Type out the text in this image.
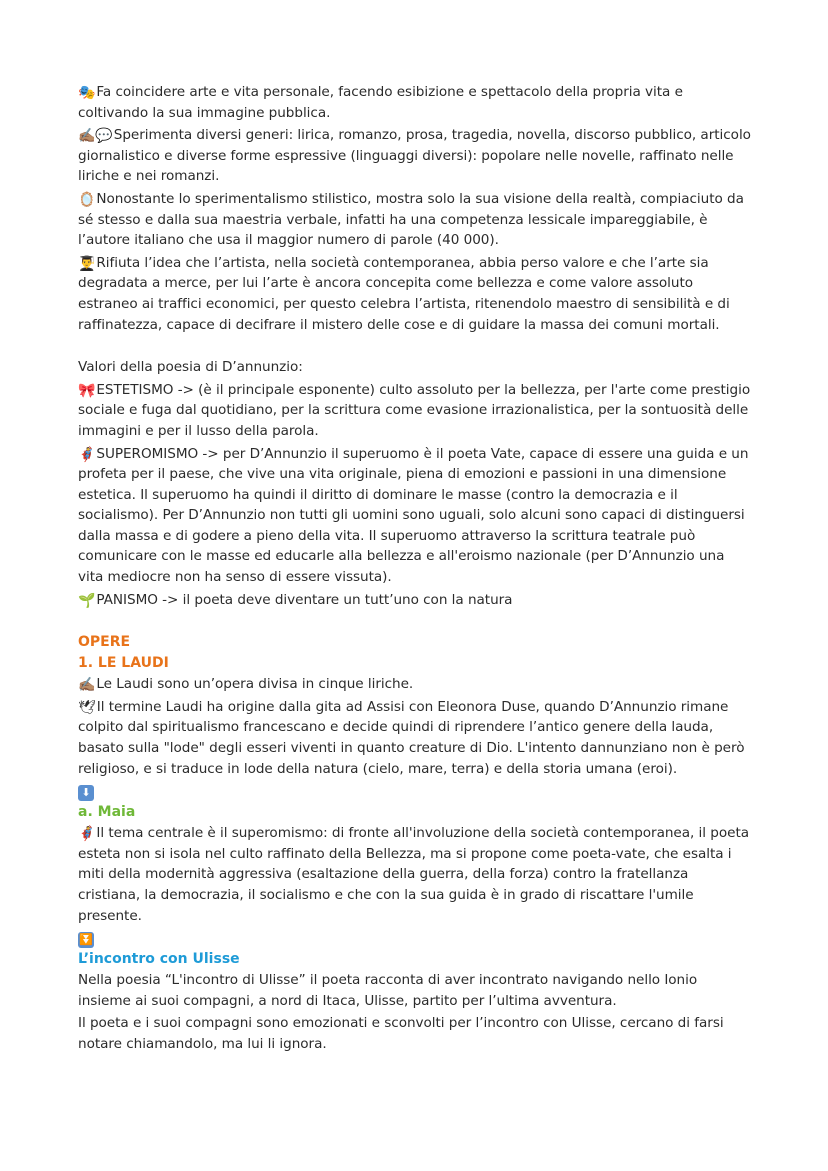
🎭Fa coincidere arte e vita personale, facendo esibizione e spettacolo della propria vita e coltivando la sua immagine pubblica.

✍🏽💬Sperimenta diversi generi: lirica, romanzo, prosa, tragedia, novella, discorso pubblico, articolo giornalistico e diverse forme espressive (linguaggi diversi): popolare nelle novelle, raffinato nelle liriche e nei romanzi.

🪞Nonostante lo sperimentalismo stilistico, mostra solo la sua visione della realtà, compiaciuto da sé stesso e dalla sua maestria verbale, infatti ha una competenza lessicale impareggiabile, è l’autore italiano che usa il maggior numero di parole (40 000).

👨‍🎓Rifiuta l’idea che l’artista, nella società contemporanea, abbia perso valore e che l’arte sia degradata a merce, per lui l’arte è ancora concepita come bellezza e come valore assoluto estraneo ai traffici economici, per questo celebra l’artista, ritenendolo maestro di sensibilità e di raffinatezza, capace di decifrare il mistero delle cose e di guidare la massa dei comuni mortali.

Valori della poesia di D’annunzio:

🎀ESTETISMO -> (è il principale esponente) culto assoluto per la bellezza, per l'arte come prestigio sociale e fuga dal quotidiano, per la scrittura come evasione irrazionalistica, per la sontuosità delle immagini e per il lusso della parola.

🦸SUPEROMISMO -> per D’Annunzio il superuomo è il poeta Vate, capace di essere una guida e un profeta per il paese, che vive una vita originale, piena di emozioni e passioni in una dimensione estetica. Il superuomo ha quindi il diritto di dominare le masse (contro la democrazia e il socialismo). Per D’Annunzio non tutti gli uomini sono uguali, solo alcuni sono capaci di distinguersi dalla massa e di godere a pieno della vita. Il superuomo attraverso la scrittura teatrale può comunicare con le masse ed educarle alla bellezza e all'eroismo nazionale (per D’Annunzio una vita mediocre non ha senso di essere vissuta).

🌱PANISMO -> il poeta deve diventare un tutt’uno con la natura

OPERE

1. LE LAUDI

✍🏽Le Laudi sono un’opera divisa in cinque liriche.

🕊Il termine Laudi ha origine dalla gita ad Assisi con Eleonora Duse, quando D’Annunzio rimane colpito dal spiritualismo francescano e decide quindi di riprendere l’antico genere della lauda, basato sulla "lode" degli esseri viventi in quanto creature di Dio. L'intento dannunziano non è però religioso, e si traduce in lode della natura (cielo, mare, terra) e della storia umana (eroi).

⬇

a. Maia

🦸Il tema centrale è il superomismo: di fronte all'involuzione della società contemporanea, il poeta esteta non si isola nel culto raffinato della Bellezza, ma si propone come poeta-vate, che esalta i miti della modernità aggressiva (esaltazione della guerra, della forza) contro la fratellanza cristiana, la democrazia, il socialismo e che con la sua guida è in grado di riscattare l'umile presente.

⏬

L’incontro con Ulisse

Nella poesia “L'incontro di Ulisse” il poeta racconta di aver incontrato navigando nello Ionio insieme ai suoi compagni, a nord di Itaca, Ulisse, partito per l’ultima avventura.

Il poeta e i suoi compagni sono emozionati e sconvolti per l’incontro con Ulisse, cercano di farsi notare chiamandolo, ma lui li ignora.
